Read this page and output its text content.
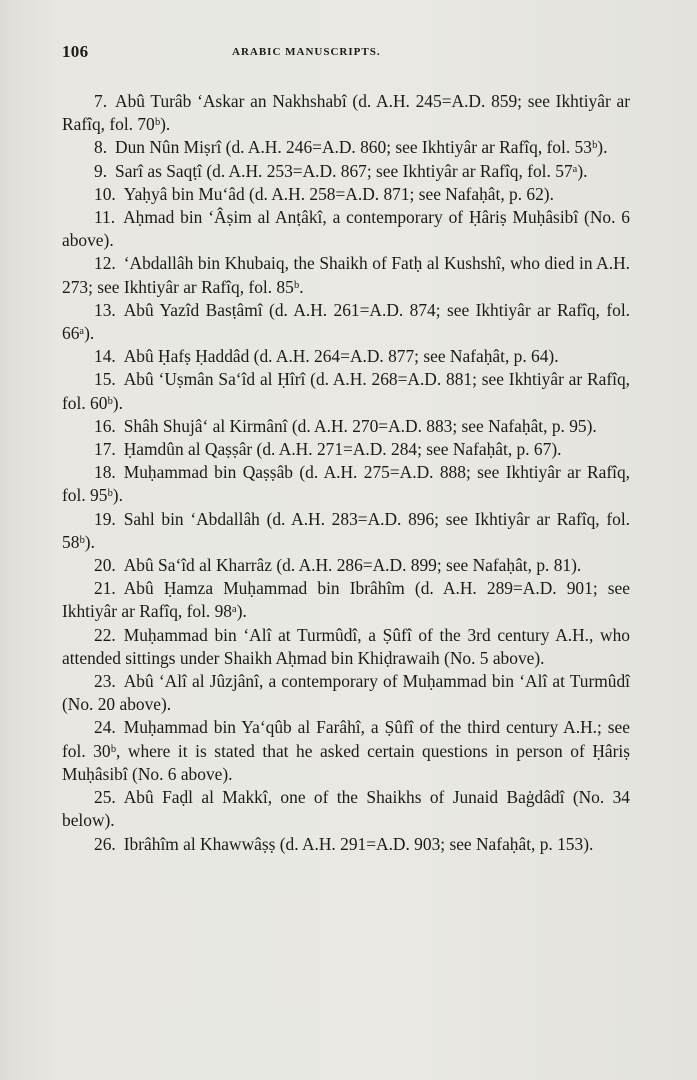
106	ARABIC MANUSCRIPTS.

7. Abû Turâb ‘Askar an Nakhshabî (d. A.H. 245=A.D. 859; see Ikhtiyâr ar Rafîq, fol. 70ᵇ).

8. Dun Nûn Miṣrî (d. A.H. 246=A.D. 860; see Ikhtiyâr ar Rafîq, fol. 53ᵇ).

9. Sarî as Saqṭî (d. A.H. 253=A.D. 867; see Ikhtiyâr ar Rafîq, fol. 57ᵃ).

10. Yaḥyâ bin Mu‘âd (d. A.H. 258=A.D. 871; see Nafaḥât, p. 62).

11. Aḥmad bin ‘Âṣim al Anṭâkî, a contemporary of Ḥâriṣ Muḥâsibî (No. 6 above).

12. ‘Abdallâh bin Khubaiq, the Shaikh of Fatḥ al Kushshî, who died in A.H. 273; see Ikhtiyâr ar Rafîq, fol. 85ᵇ.

13. Abû Yazîd Basṭâmî (d. A.H. 261=A.D. 874; see Ikhtiyâr ar Rafîq, fol. 66ᵃ).

14. Abû Ḥafṣ Ḥaddâd (d. A.H. 264=A.D. 877; see Nafaḥât, p. 64).

15. Abû ‘Uṣmân Sa‘îd al Ḥîrî (d. A.H. 268=A.D. 881; see Ikhtiyâr ar Rafîq, fol. 60ᵇ).

16. Shâh Shujâ‘ al Kirmânî (d. A.H. 270=A.D. 883; see Nafaḥât, p. 95).

17. Ḥamdûn al Qaṣṣâr (d. A.H. 271=A.D. 284; see Nafaḥât, p. 67).

18. Muḥammad bin Qaṣṣâb (d. A.H. 275=A.D. 888; see Ikhtiyâr ar Rafîq, fol. 95ᵇ).

19. Sahl bin ‘Abdallâh (d. A.H. 283=A.D. 896; see Ikhtiyâr ar Rafîq, fol. 58ᵇ).

20. Abû Sa‘îd al Kharrâz (d. A.H. 286=A.D. 899; see Nafaḥât, p. 81).

21. Abû Ḥamza Muḥammad bin Ibrâhîm (d. A.H. 289=A.D. 901; see Ikhtiyâr ar Rafîq, fol. 98ᵃ).

22. Muḥammad bin ‘Alî at Turmûdî, a Ṣûfî of the 3rd century A.H., who attended sittings under Shaikh Aḥmad bin Khiḍrawaih (No. 5 above).

23. Abû ‘Alî al Jûzjânî, a contemporary of Muḥammad bin ‘Alî at Turmûdî (No. 20 above).

24. Muḥammad bin Ya‘qûb al Farâhî, a Ṣûfî of the third century A.H.; see fol. 30ᵇ, where it is stated that he asked certain questions in person of Ḥâriṣ Muḥâsibî (No. 6 above).

25. Abû Faḍl al Makkî, one of the Shaikhs of Junaid Baġdâdî (No. 34 below).

26. Ibrâhîm al Khawwâṣṣ (d. A.H. 291=A.D. 903; see Nafaḥât, p. 153).
